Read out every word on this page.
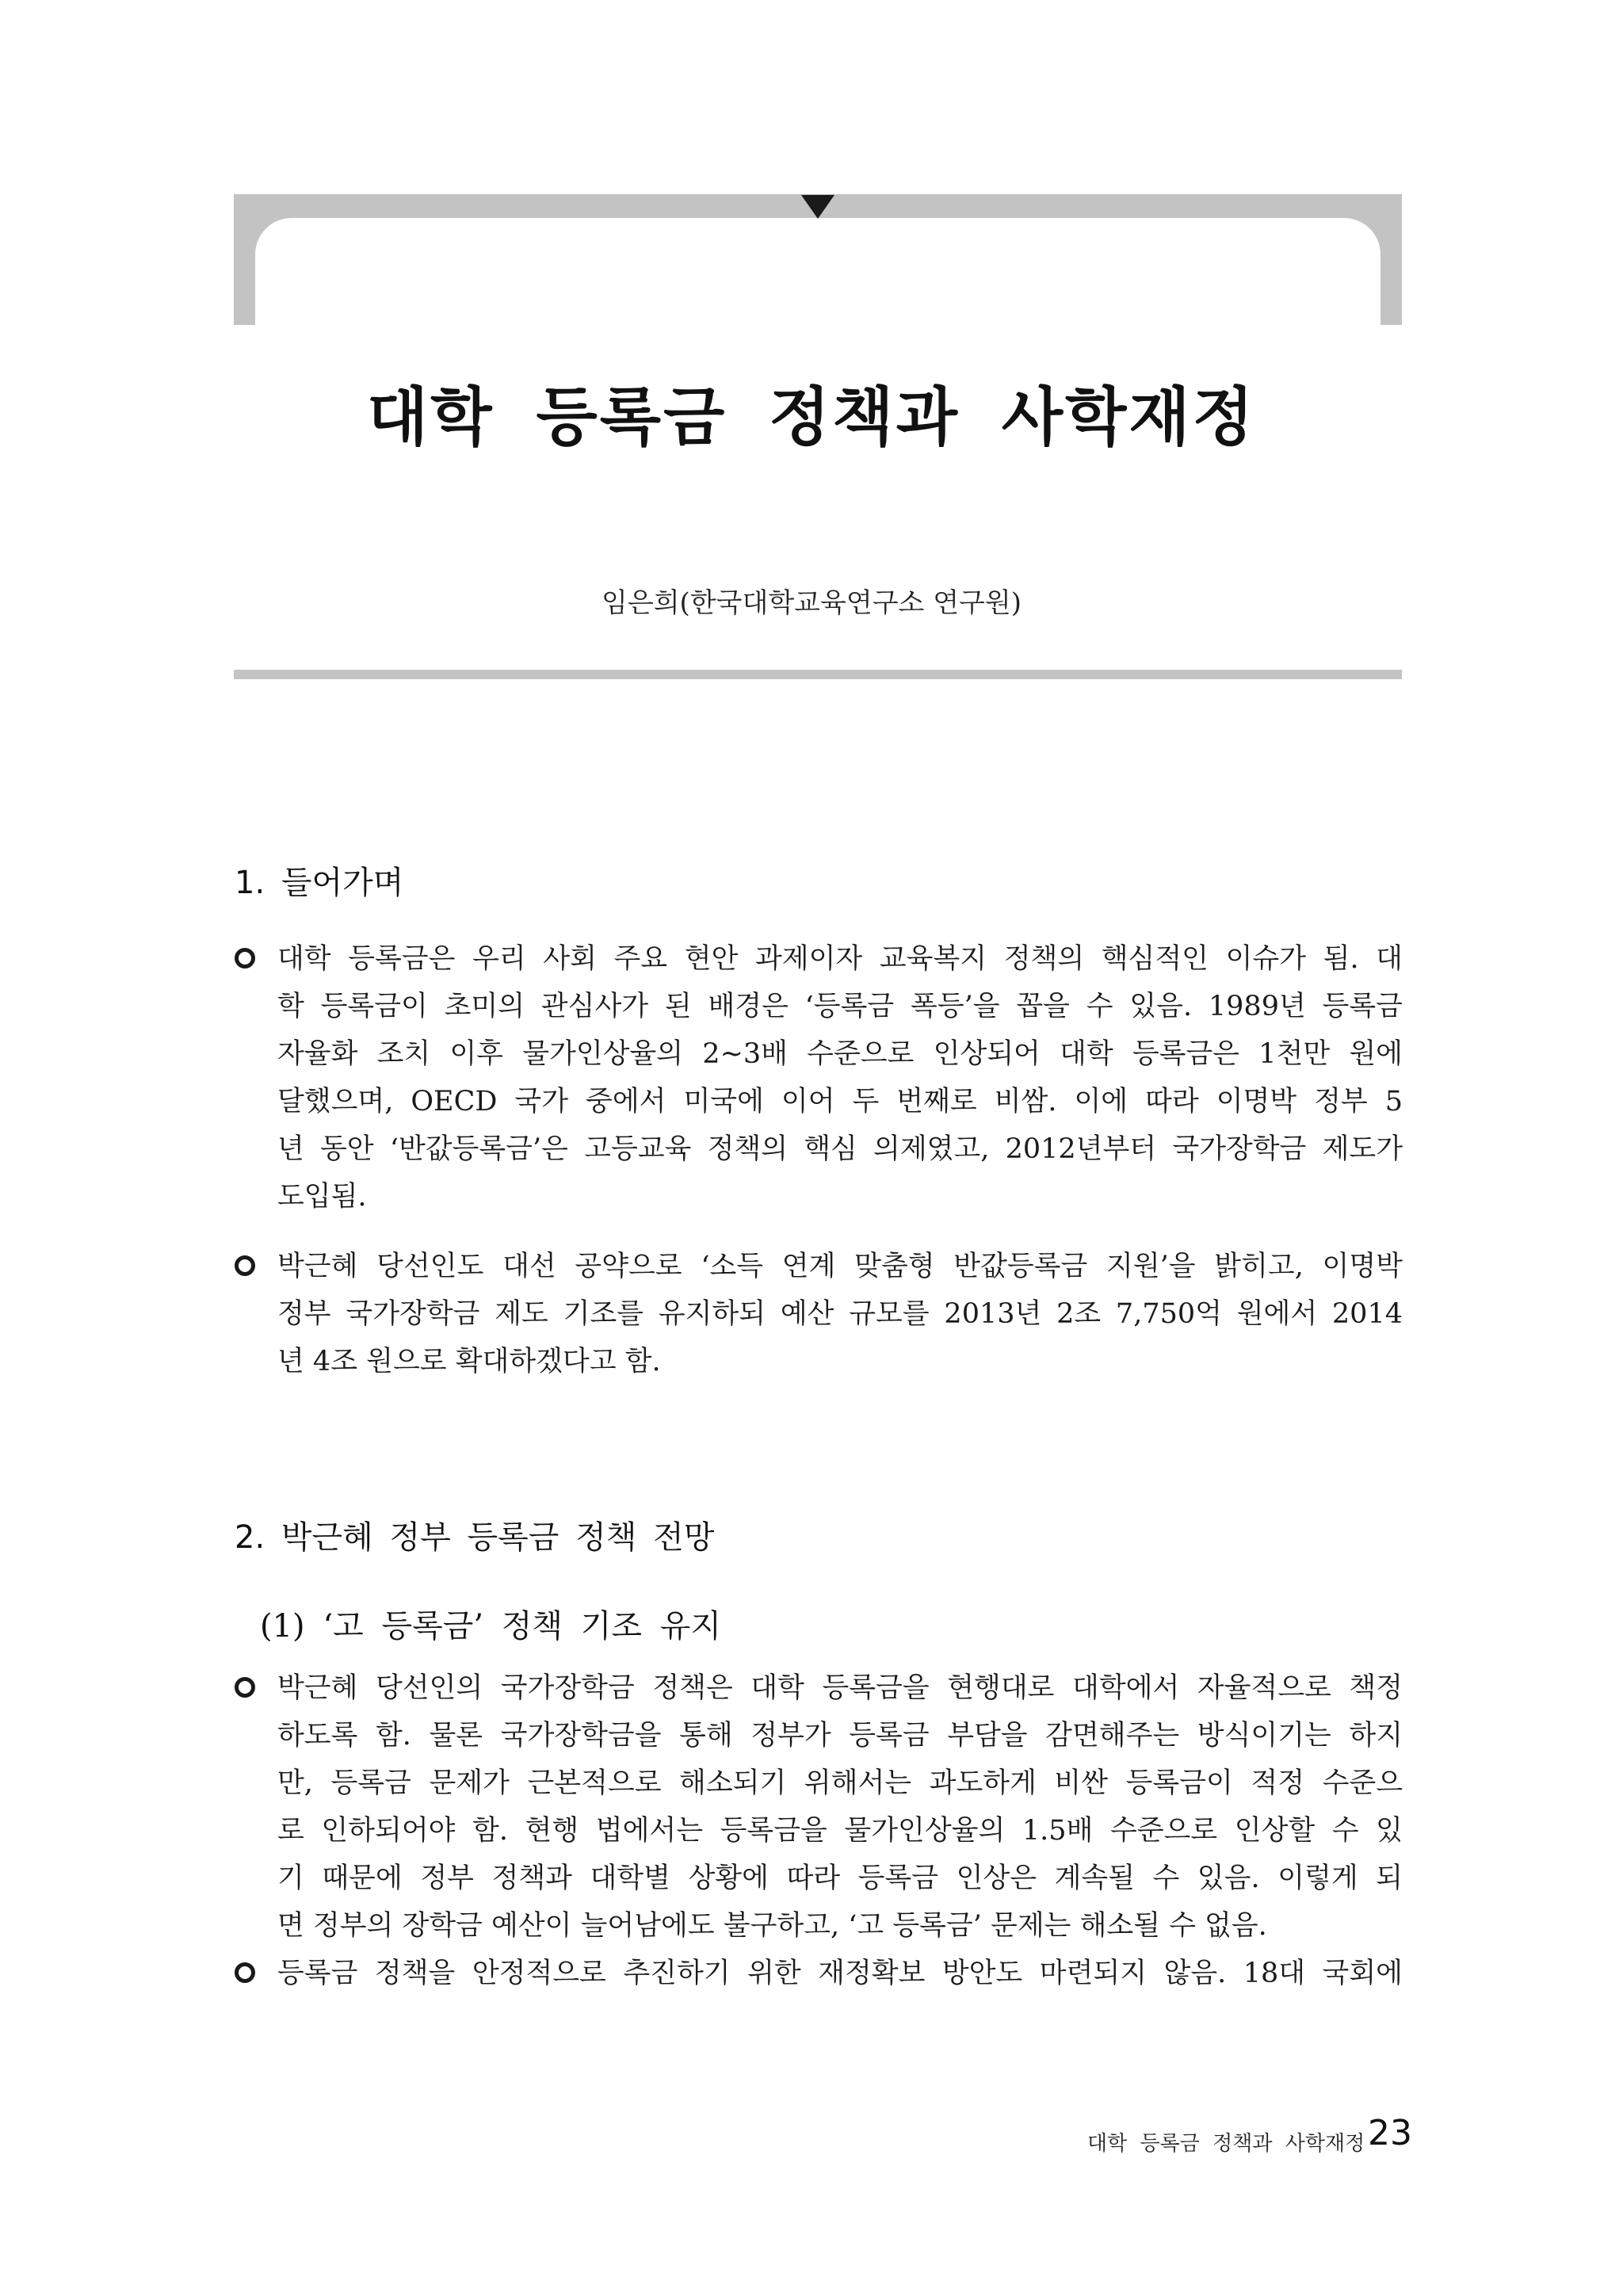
대학 등록금 정책과 사학재정
임은희(한국대학교육연구소 연구원)
1. 들어가며
대학 등록금은 우리 사회 주요 현안 과제이자 교육복지 정책의 핵심적인 이슈가 됨. 대
학 등록금이 초미의 관심사가 된 배경은 ‘등록금 폭등’을 꼽을 수 있음. 1989년 등록금
자율화 조치 이후 물가인상율의 2~3배 수준으로 인상되어 대학 등록금은 1천만 원에
달했으며, OECD 국가 중에서 미국에 이어 두 번째로 비쌈. 이에 따라 이명박 정부 5
년 동안 ‘반값등록금’은 고등교육 정책의 핵심 의제였고, 2012년부터 국가장학금 제도가
도입됨.
박근혜 당선인도 대선 공약으로 ‘소득 연계 맞춤형 반값등록금 지원’을 밝히고, 이명박
정부 국가장학금 제도 기조를 유지하되 예산 규모를 2013년 2조 7,750억 원에서 2014
년 4조 원으로 확대하겠다고 함.
2. 박근혜 정부 등록금 정책 전망
(1) ‘고 등록금’ 정책 기조 유지
박근혜 당선인의 국가장학금 정책은 대학 등록금을 현행대로 대학에서 자율적으로 책정
하도록 함. 물론 국가장학금을 통해 정부가 등록금 부담을 감면해주는 방식이기는 하지
만, 등록금 문제가 근본적으로 해소되기 위해서는 과도하게 비싼 등록금이 적정 수준으
로 인하되어야 함. 현행 법에서는 등록금을 물가인상율의 1.5배 수준으로 인상할 수 있
기 때문에 정부 정책과 대학별 상황에 따라 등록금 인상은 계속될 수 있음. 이렇게 되
면 정부의 장학금 예산이 늘어남에도 불구하고, ‘고 등록금’ 문제는 해소될 수 없음.
등록금 정책을 안정적으로 추진하기 위한 재정확보 방안도 마련되지 않음. 18대 국회에
대학 등록금 정책과 사학재정 23
